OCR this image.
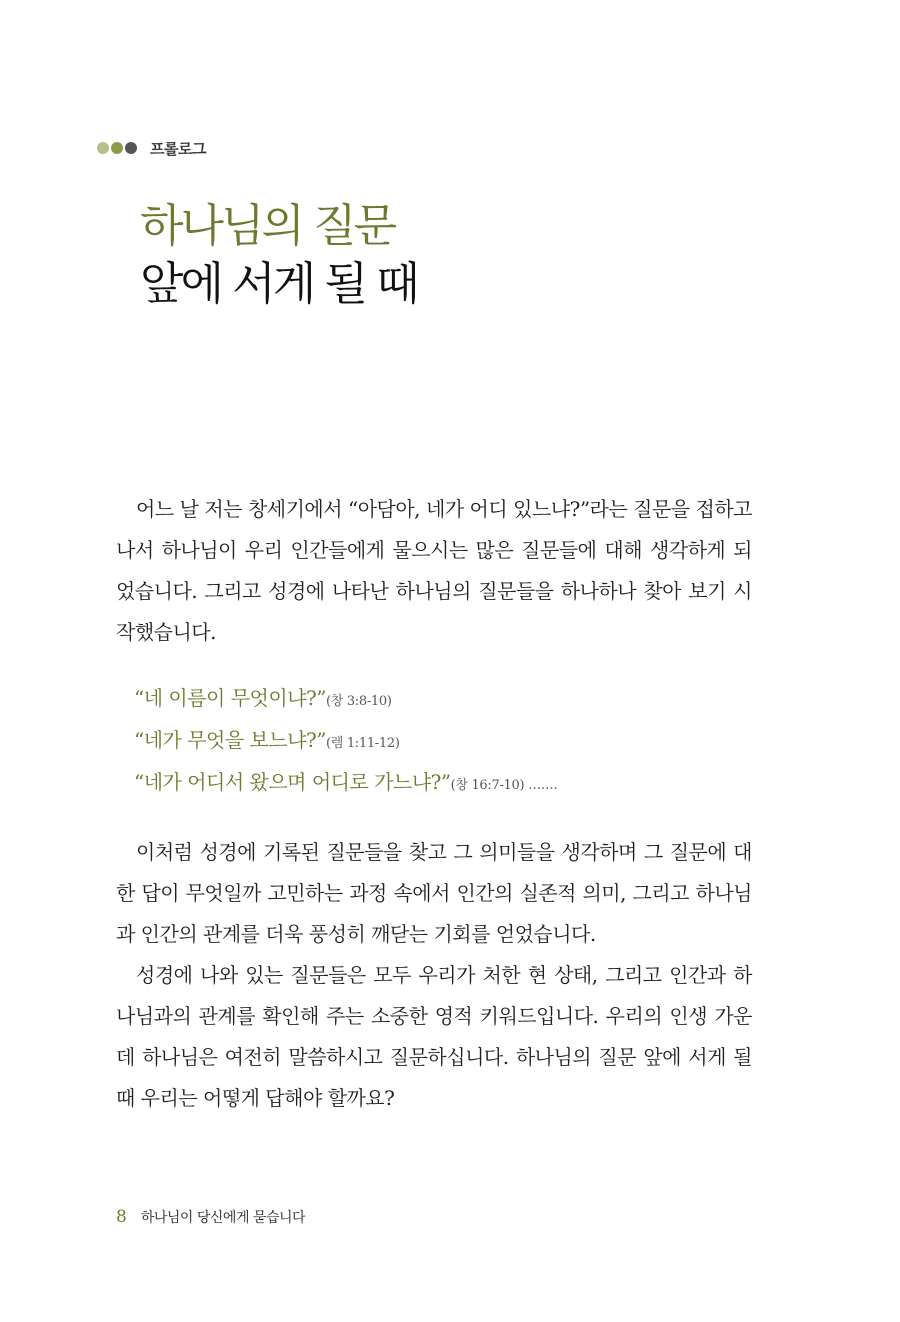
프롤로그
하나님의 질문
앞에 서게 될 때

어느 날 저는 창세기에서 “아담아, 네가 어디 있느냐?”라는 질문을 접하고 나서 하나님이 우리 인간들에게 물으시는 많은 질문들에 대해 생각하게 되었습니다. 그리고 성경에 나타난 하나님의 질문들을 하나하나 찾아 보기 시작했습니다.

“네 이름이 무엇이냐?”(창 3:8-10)
“네가 무엇을 보느냐?”(렘 1:11-12)
“네가 어디서 왔으며 어디로 가느냐?”(창 16:7-10) …….

이처럼 성경에 기록된 질문들을 찾고 그 의미들을 생각하며 그 질문에 대한 답이 무엇일까 고민하는 과정 속에서 인간의 실존적 의미, 그리고 하나님과 인간의 관계를 더욱 풍성히 깨닫는 기회를 얻었습니다.

성경에 나와 있는 질문들은 모두 우리가 처한 현 상태, 그리고 인간과 하나님과의 관계를 확인해 주는 소중한 영적 키워드입니다. 우리의 인생 가운데 하나님은 여전히 말씀하시고 질문하십니다. 하나님의 질문 앞에 서게 될 때 우리는 어떻게 답해야 할까요?

8 하나님이 당신에게 묻습니다
